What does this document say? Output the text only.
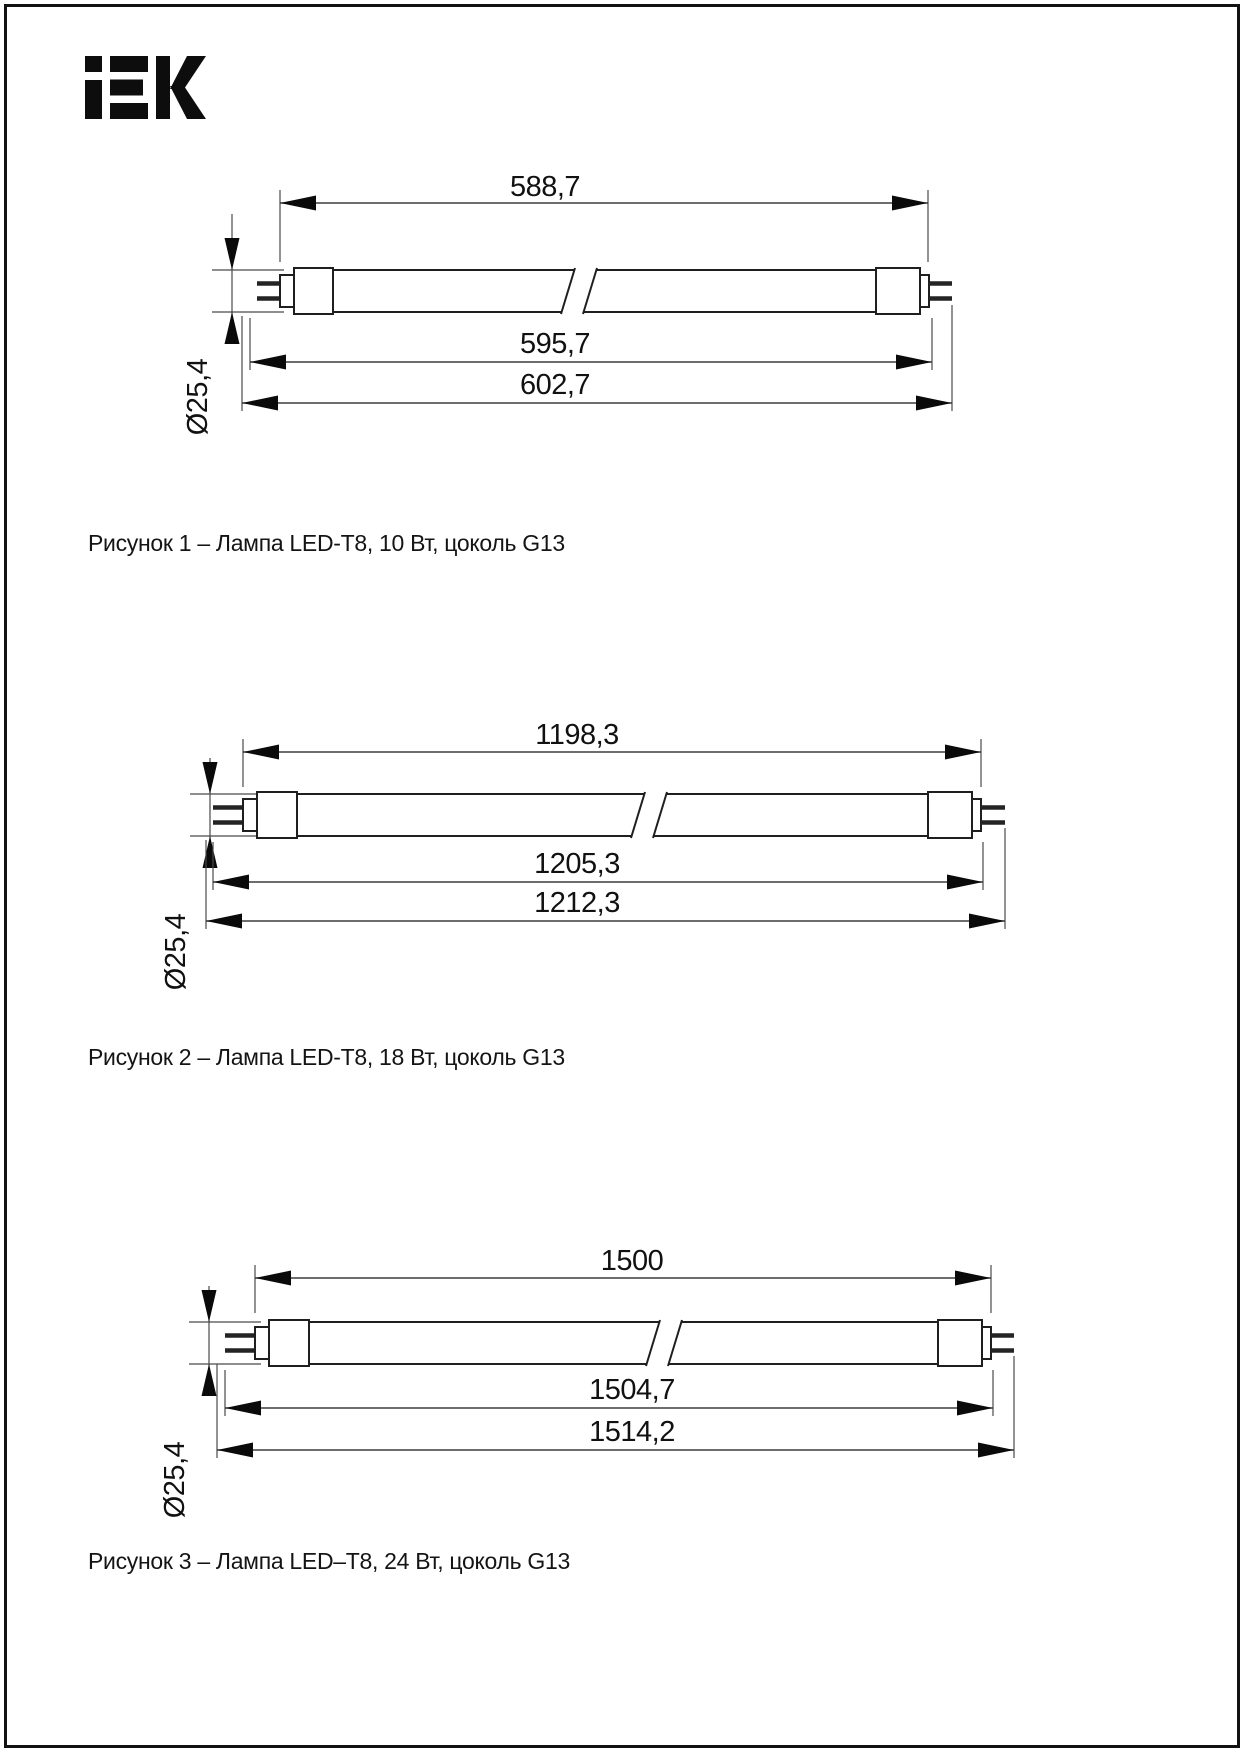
588,7
Ø25,4
595,7
602,7
1198,3
Ø25,4
1205,3
1212,3
1500
Ø25,4
1504,7
1514,2
Рисунок 1 – Лампа LED-T8, 10 Вт, цоколь G13
Рисунок 2 – Лампа LED-T8, 18 Вт, цоколь G13
Рисунок 3 – Лампа LED–T8, 24 Вт, цоколь G13
